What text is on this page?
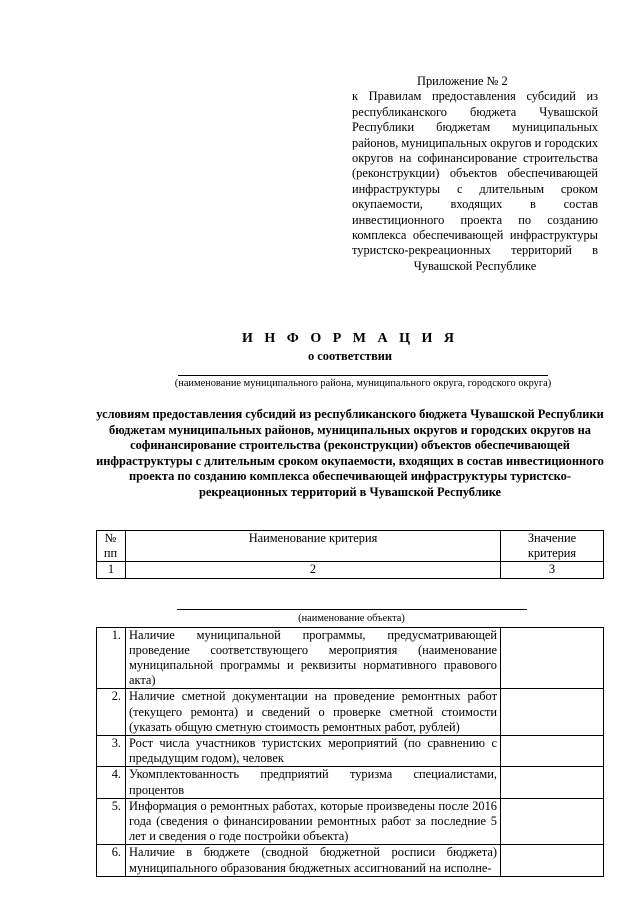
Приложение № 2
к Правилам предоставления субсидий из республиканского бюджета Чувашской Республики бюджетам муниципальных районов, муниципальных округов и городских округов на софинансирование строительства (реконструкции) объектов обеспечивающей инфраструктуры с длительным сроком окупаемости, входящих в состав инвестиционного проекта по созданию комплекса обеспечивающей инфраструктуры туристско-рекреационных территорий в Чувашской Республике
И Н Ф О Р М А Ц И Я
о соответствии
(наименование муниципального района, муниципального округа, городского округа)
условиям предоставления субсидий из республиканского бюджета Чувашской Республики бюджетам муниципальных районов, муниципальных округов и городских округов на софинансирование строительства (реконструкции) объектов обеспечивающей инфраструктуры с длительным сроком окупаемости, входящих в состав инвестиционного проекта по созданию комплекса обеспечивающей инфраструктуры туристско-рекреационных территорий в Чувашской Республике
№ пп	Наименование критерия	Значение критерия
1	2	3

(наименование объекта)		

1.	Наличие муниципальной программы, предусматривающей проведение соответствующего мероприятия (наименование муниципальной программы и реквизиты нормативного правового акта)	
2.	Наличие сметной документации на проведение ремонтных работ (текущего ремонта) и сведений о проверке сметной стоимости (указать общую сметную стоимость ремонтных работ, рублей)	
3.	Рост числа участников туристских мероприятий (по сравнению с предыдущим годом), человек	
4.	Укомплектованность предприятий туризма специалистами, процентов	
5.	Информация о ремонтных работах, которые произведены после 2016 года (сведения о финансировании ремонтных работ за последние 5 лет и сведения о годе постройки объекта)	
6.	Наличие в бюджете (сводной бюджетной росписи бюджета) муниципального образования бюджетных ассигнований на исполне-	
